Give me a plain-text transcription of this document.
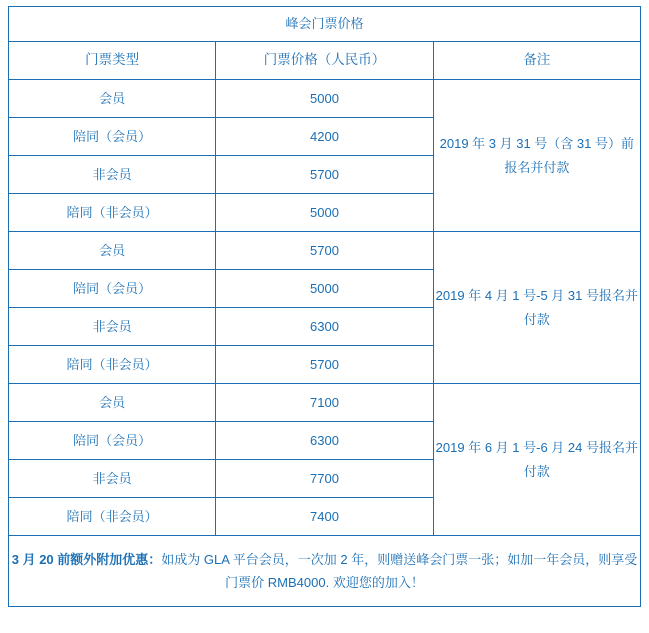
峰会门票价格		
门票类型	门票价格（人民币）	备注
会员	5000	2019 年 3 月 31 号（含 31 号）前报名并付款
陪同（会员）	4200	
非会员	5700	
陪同（非会员）	5000	
会员	5700	2019 年 4 月 1 号-5 月 31 号报名并付款
陪同（会员）	5000	
非会员	6300	
陪同（非会员）	5700	
会员	7100	2019 年 6 月 1 号-6 月 24 号报名并付款
陪同（会员）	6300	
非会员	7700	
陪同（非会员）	7400	
3 月 20 前额外附加优惠：如成为 GLA 平台会员，一次加 2 年，则赠送峰会门票一张；如加一年会员，则享受门票价 RMB4000. 欢迎您的加入！		
